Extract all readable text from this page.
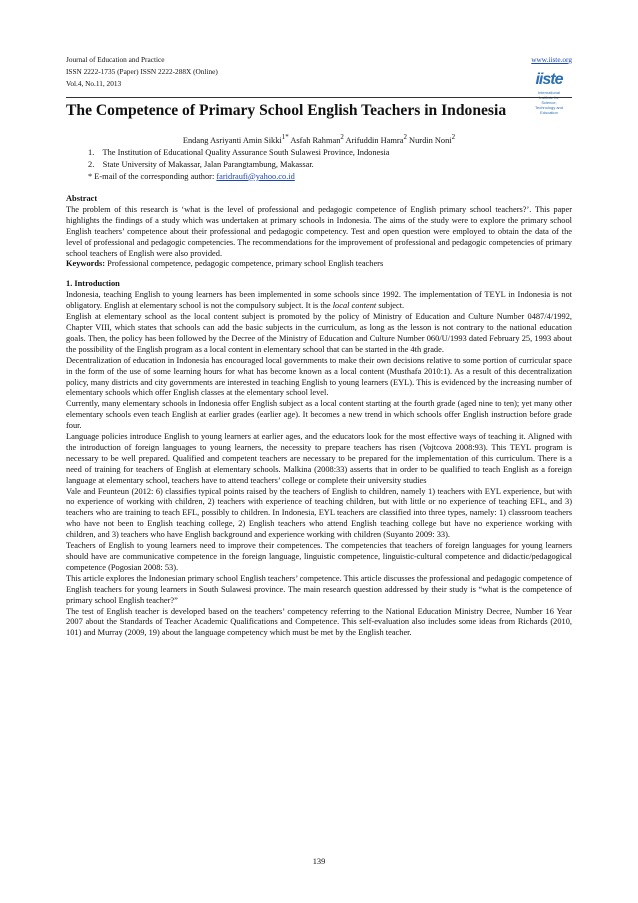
Journal of Education and Practice	www.iiste.org
ISSN 2222-1735 (Paper) ISSN 2222-288X (Online)
Vol.4, No.11, 2013	iiste
International Institute for Science, Technology and Education
The Competence of Primary School English Teachers in Indonesia
Endang Asriyanti Amin Sikki$^{1*}$ Asfah Rahman$^2$ Arifuddin Hamra$^2$ Nurdin Noni$^2$
1.    The Institution of Educational Quality Assurance South Sulawesi Province, Indonesia
2.    State University of Makassar, Jalan Parangtambung, Makassar.
* E-mail of the corresponding author: faridraufi@yahoo.co.id

Abstract

The problem of this research is ‘what is the level of professional and pedagogic competence of English primary school teachers?’. This paper highlights the findings of a study which was undertaken at primary schools in Indonesia. The aims of the study were to explore the primary school English teachers’ competence about their professional and pedagogic competency. Test and open question were employed to obtain the data of the level of professional and pedagogic competencies. The recommendations for the improvement of professional and pedagogic competencies of primary school teachers of English were also provided.

Keywords: Professional competence, pedagogic competence, primary school English teachers

1. Introduction

Indonesia, teaching English to young learners has been implemented in some schools since 1992. The implementation of TEYL in Indonesia is not obligatory. English at elementary school is not the compulsory subject. It is the local content subject.

English at elementary school as the local content subject is promoted by the policy of Ministry of Education and Culture Number 0487/4/1992, Chapter VIII, which states that schools can add the basic subjects in the curriculum, as long as the lesson is not contrary to the national education goals. Then, the policy has been followed by the Decree of the Ministry of Education and Culture Number 060/U/1993 dated February 25, 1993 about the possibility of the English program as a local content in elementary school that can be started in the 4th grade.

Decentralization of education in Indonesia has encouraged local governments to make their own decisions relative to some portion of curricular space in the form of the use of some learning hours for what has become known as a local content (Musthafa 2010:1). As a result of this decentralization policy, many districts and city governments are interested in teaching English to young learners (EYL). This is evidenced by the increasing number of elementary schools which offer English classes at the elementary school level.

Currently, many elementary schools in Indonesia offer English subject as a local content starting at the fourth grade (aged nine to ten); yet many other elementary schools even teach English at earlier grades (earlier age). It becomes a new trend in which schools offer English instruction before grade four.

Language policies introduce English to young learners at earlier ages, and the educators look for the most effective ways of teaching it. Aligned with the introduction of foreign languages to young learners, the necessity to prepare teachers has risen (Vojtcova 2008:93). This TEYL program is necessary to be well prepared. Qualified and competent teachers are necessary to be prepared for the implementation of this curriculum. There is a need of training for teachers of English at elementary schools. Malkina (2008:33) asserts that in order to be qualified to teach English as a foreign language at elementary school, teachers have to attend teachers’ college or complete their university studies

Vale and Feunteun (2012: 6) classifies typical points raised by the teachers of English to children, namely 1) teachers with EYL experience, but with no experience of working with children, 2) teachers with experience of teaching children, but with little or no experience of teaching EFL, and 3) teachers who are training to teach EFL, possibly to children. In Indonesia, EYL teachers are classified into three types, namely: 1) classroom teachers who have not been to English teaching college, 2) English teachers who attend English teaching college but have no experience working with children, and 3) teachers who have English background and experience working with children (Suyanto 2009: 33).

Teachers of English to young learners need to improve their competences. The competencies that teachers of foreign languages for young learners should have are communicative competence in the foreign language, linguistic competence, linguistic-cultural competence and didactic/pedagogical competence (Pogosian 2008: 53).

This article explores the Indonesian primary school English teachers’ competence. This article discusses the professional and pedagogic competence of English teachers for young learners in South Sulawesi province. The main research question addressed by their study is “what is the competence of primary school English teacher?”

The test of English teacher is developed based on the teachers’ competency referring to the National Education Ministry Decree, Number 16 Year 2007 about the Standards of Teacher Academic Qualifications and Competence. This self-evaluation also includes some ideas from Richards (2010, 101) and Murray (2009, 19) about the language competency which must be met by the English teacher.

139
